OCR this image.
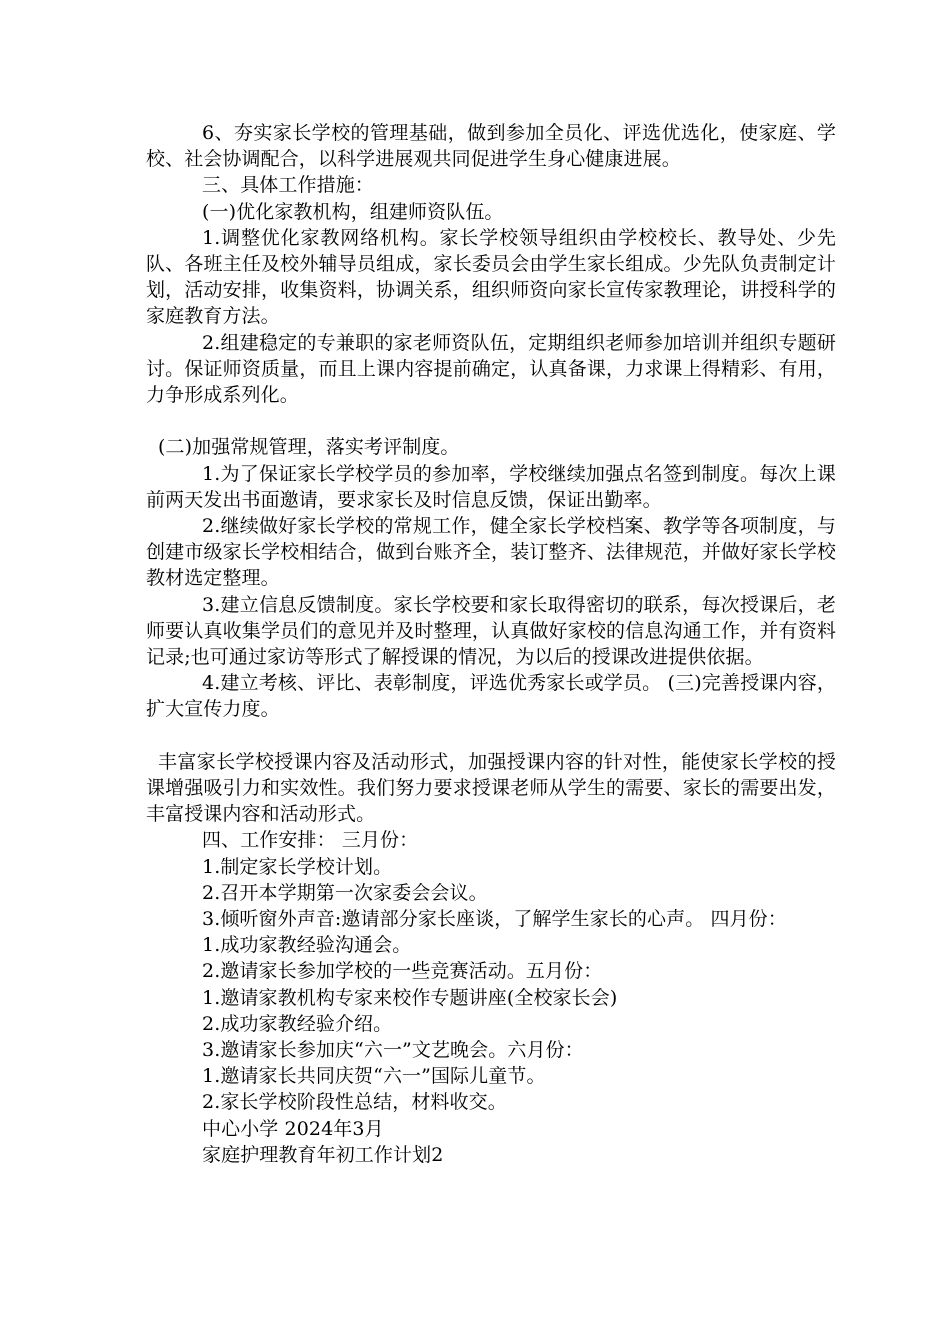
6、夯实家长学校的管理基础，做到参加全员化、评选优选化，使家庭、学校、社会协调配合，以科学进展观共同促进学生身心健康进展。

三、具体工作措施：

(一)优化家教机构，组建师资队伍。

1.调整优化家教网络机构。家长学校领导组织由学校校长、教导处、少先队、各班主任及校外辅导员组成，家长委员会由学生家长组成。少先队负责制定计划，活动安排，收集资料，协调关系，组织师资向家长宣传家教理论，讲授科学的家庭教育方法。

2.组建稳定的专兼职的家老师资队伍，定期组织老师参加培训并组织专题研讨。保证师资质量，而且上课内容提前确定，认真备课，力求课上得精彩、有用，力争形成系列化。

(二)加强常规管理，落实考评制度。

1.为了保证家长学校学员的参加率，学校继续加强点名签到制度。每次上课前两天发出书面邀请，要求家长及时信息反馈，保证出勤率。

2.继续做好家长学校的常规工作，健全家长学校档案、教学等各项制度，与创建市级家长学校相结合，做到台账齐全，装订整齐、法律规范，并做好家长学校教材选定整理。

3.建立信息反馈制度。家长学校要和家长取得密切的联系，每次授课后，老师要认真收集学员们的意见并及时整理，认真做好家校的信息沟通工作，并有资料记录;也可通过家访等形式了解授课的情况，为以后的授课改进提供依据。

4.建立考核、评比、表彰制度，评选优秀家长或学员。 (三)完善授课内容，扩大宣传力度。

丰富家长学校授课内容及活动形式，加强授课内容的针对性，能使家长学校的授课增强吸引力和实效性。我们努力要求授课老师从学生的需要、家长的需要出发，丰富授课内容和活动形式。

四、工作安排： 三月份：

1.制定家长学校计划。

2.召开本学期第一次家委会会议。

3.倾听窗外声音:邀请部分家长座谈，了解学生家长的心声。 四月份：

1.成功家教经验沟通会。

2.邀请家长参加学校的一些竞赛活动。五月份：

1.邀请家教机构专家来校作专题讲座(全校家长会)

2.成功家教经验介绍。

3.邀请家长参加庆“六一”文艺晚会。六月份：

1.邀请家长共同庆贺“六一”国际儿童节。

2.家长学校阶段性总结，材料收交。

中心小学 2024年3月

家庭护理教育年初工作计划2
